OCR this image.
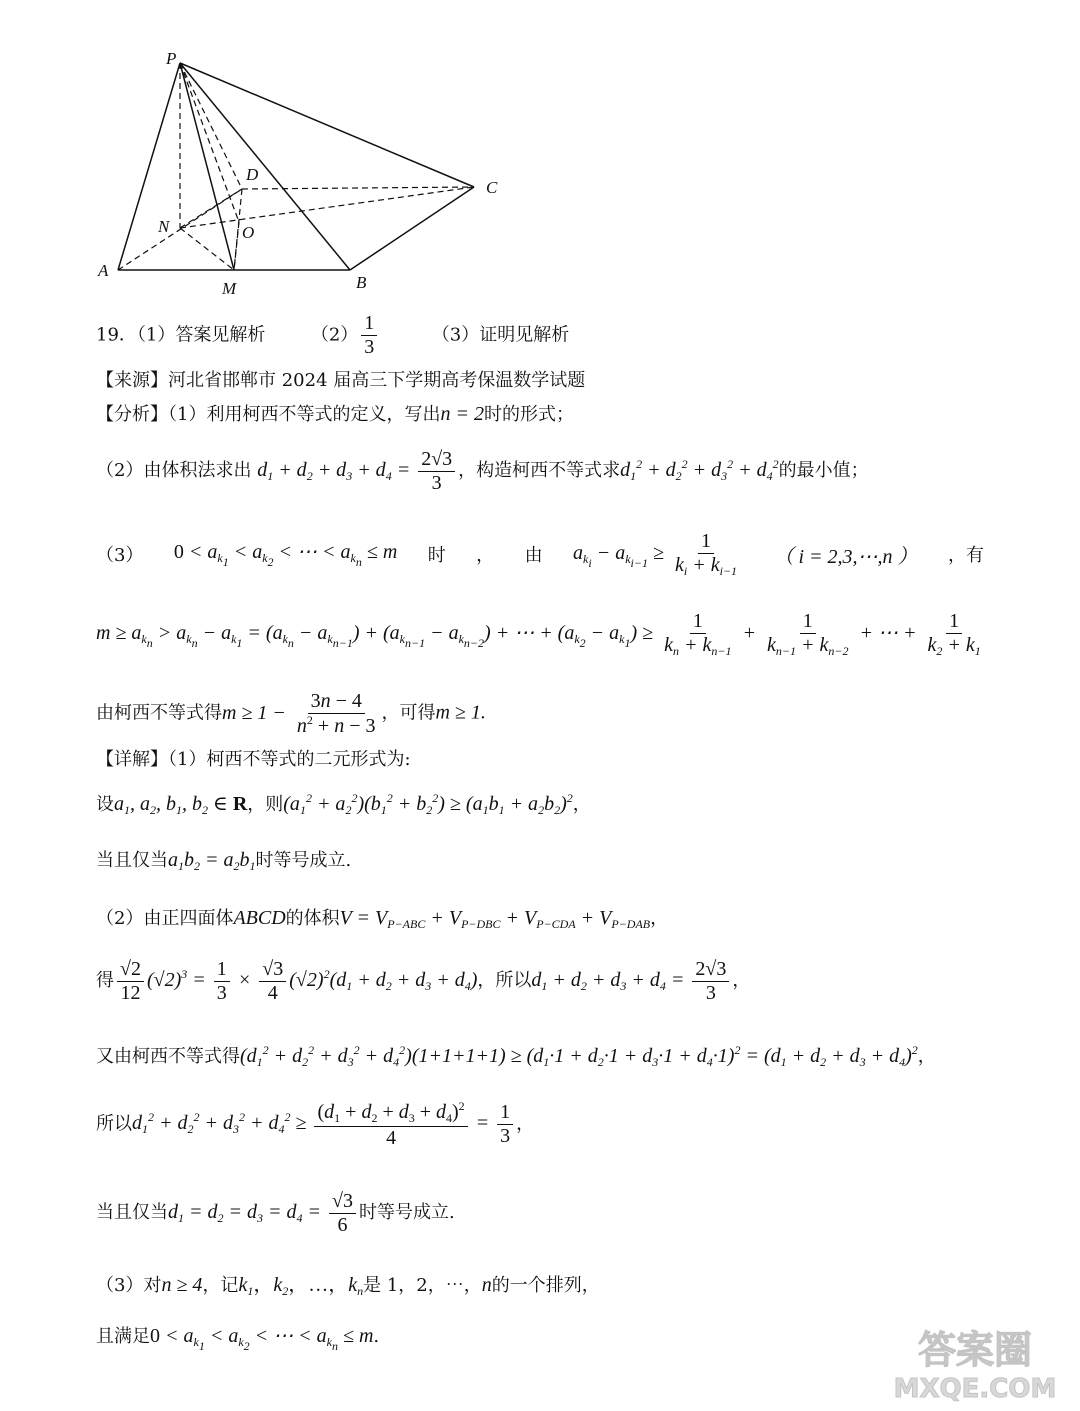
P
A
B
C
D
N	O
M
19．（1）答案见解析	$(2) \frac{1}{3}$	（3）证明见解析
【来源】河北省邯郸市 2024 届高三下学期高考保温数学试题
【分析】（1）利用柯西不等式的定义，写出n = 2时的形式；
（2）由体积法求出 $d_1 + d_2 + d_3 + d_4 = \frac{2√3}{3}$ ，构造柯西不等式求$d_1^2 + d_2^2 + d_3^2 + d_4^2$的最小值；
（3） $0 < a_{k_1} < a_{k_2}$ < ⋯ < $a_{k_n} \le m$ 时 ， 由 $a_{k_i} - a_{k_{i-1}} \ge \frac{1}{k_i + k_{i-1}}$ （ i = 2,3,⋯,n ） ，有
$m \ge a_{k_n} > a_{k_n} - a_{k_1} = (a_{k_n} - a_{k_{n-1}}) + (a_{k_{n-1}} - a_{k_{n-2}})$ + ⋯ + $(a_{k_2} - a_{k_1}) \ge \frac{1}{k_n + k_{n-1}} + \frac{1}{k_{n-1} + k_{n-2}}$ + ⋯ + $\frac{1}{k_2 + k_1}$
由柯西不等式得$m \ge 1 - \frac{3n - 4}{n^2 + n - 3}$ ，可得m ≥ 1.
【详解】（1）柯西不等式的二元形式为:
设$a_1$, $a_2$, $b_1$, $b_2$ ∈ R，则$(a_1^2 + a_2^2)(b_1^2 + b_2^2) \ge (a_1b_1 + a_2b_2)^2$，
当且仅当$a_1b_2 = a_2b_1$时等号成立.
（2）由正四面体ABCD的体积$V = V_{P-ABC} + V_{P-DBC} + V_{P-CDA} + V_{P-DAB}$，
得 $\frac{√2}{12} (√2)^3 = \frac{1}{3} \times \frac{√3}{4} (√2)^2(d_1 + d_2 + d_3 + d_4)$，所以$d_1 + d_2 + d_3 + d_4 = \frac{2√3}{3}$ ，
又由柯西不等式得$(d_1^2 + d_2^2 + d_3^2 + d_4^2)(1+1+1+1) \ge (d_1\cdot 1 + d_2\cdot 1 + d_3\cdot 1 + d_4\cdot 1)^2 = (d_1 + d_2 + d_3 + d_4)^2$，
所以$d_1^2 + d_2^2 + d_3^2 + d_4^2 \ge \frac{(d_1 + d_2 + d_3 + d_4)^2}{4} = \frac{1}{3}$ ，
当且仅当$d_1 = d_2 = d_3 = d_4 = \frac{√3}{6}$ 时等号成立.
（3）对n ≥ 4，记$k_1$，$k_2$，…，$k_n$是 1，2，⋯，n的一个排列，
且满足$0 < a_{k_1} < a_{k_2}$ < ⋯ < $a_{k_n} \le m$.	答案圈
MXQE.COM
